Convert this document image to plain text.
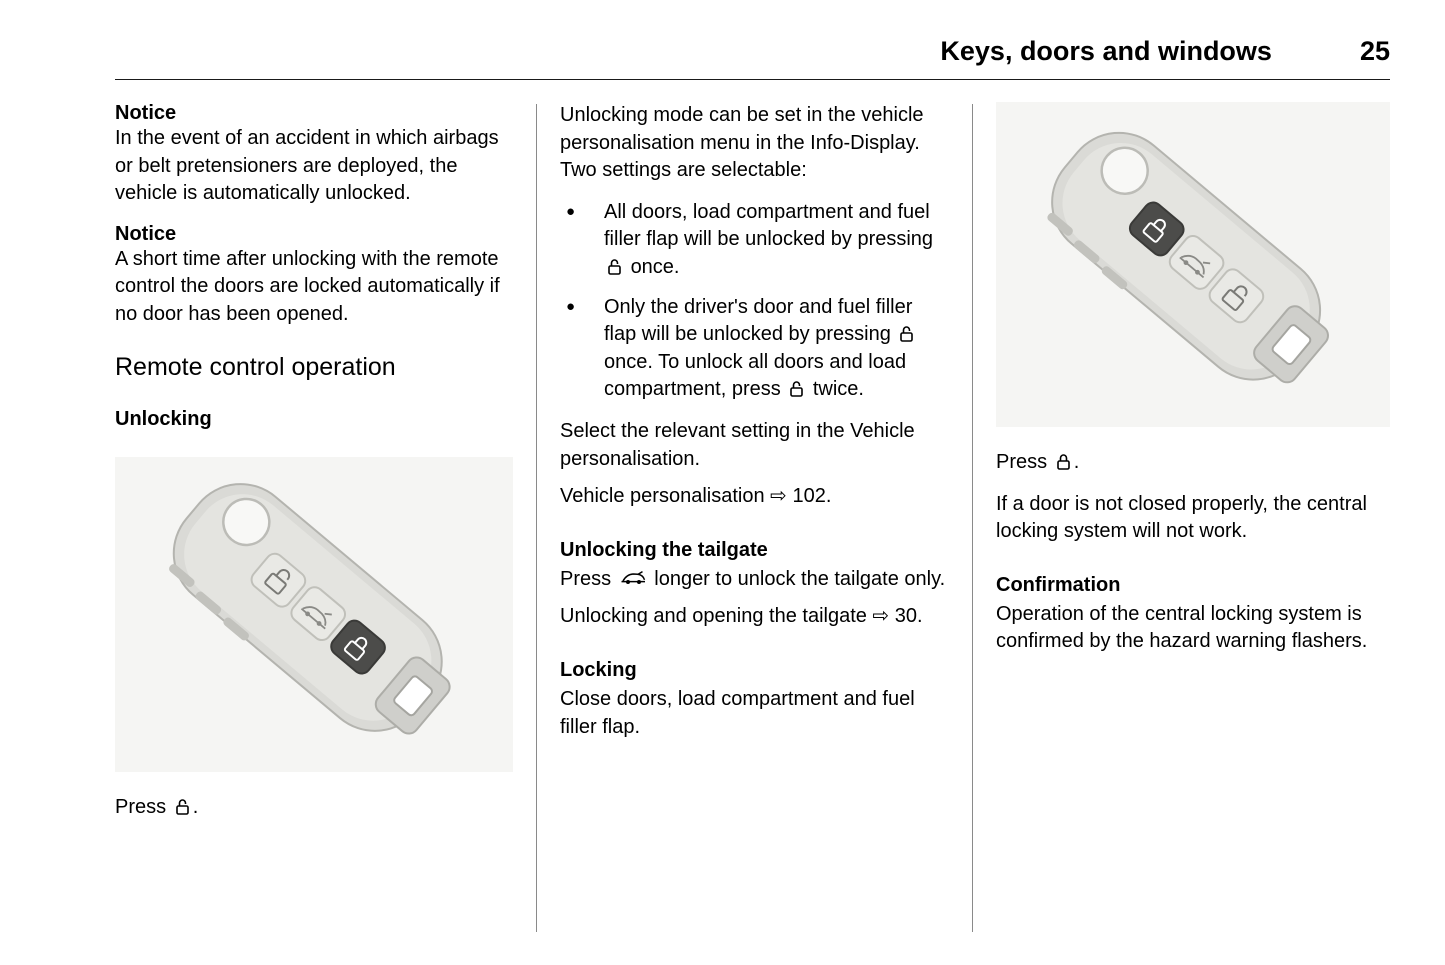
Keys, doors and windows	25
Notice

In the event of an accident in which airbags or belt pretensioners are deployed, the vehicle is automatically unlocked.

Notice

A short time after unlocking with the remote control the doors are locked automatically if no door has been opened.

Remote control operation
Unlocking

Press .

Unlocking mode can be set in the vehicle personalisation menu in the Info-Display. Two settings are selectable:

●	All doors, load compartment and fuel filler flap will be unlocked by pressing  once.
●	Only the driver's door and fuel filler flap will be unlocked by pressing  once. To unlock all doors and load compartment, press twice.

Select the relevant setting in the Vehicle personalisation.

Vehicle personalisation ⇨ 102.

Unlocking the tailgate

Press longer to unlock the tailgate only.

Unlocking and opening the tailgate ⇨ 30.

Locking

Close doors, load compartment and fuel filler flap.

Press .

If a door is not closed properly, the central locking system will not work.

Confirmation

Operation of the central locking system is confirmed by the hazard warning flashers.
